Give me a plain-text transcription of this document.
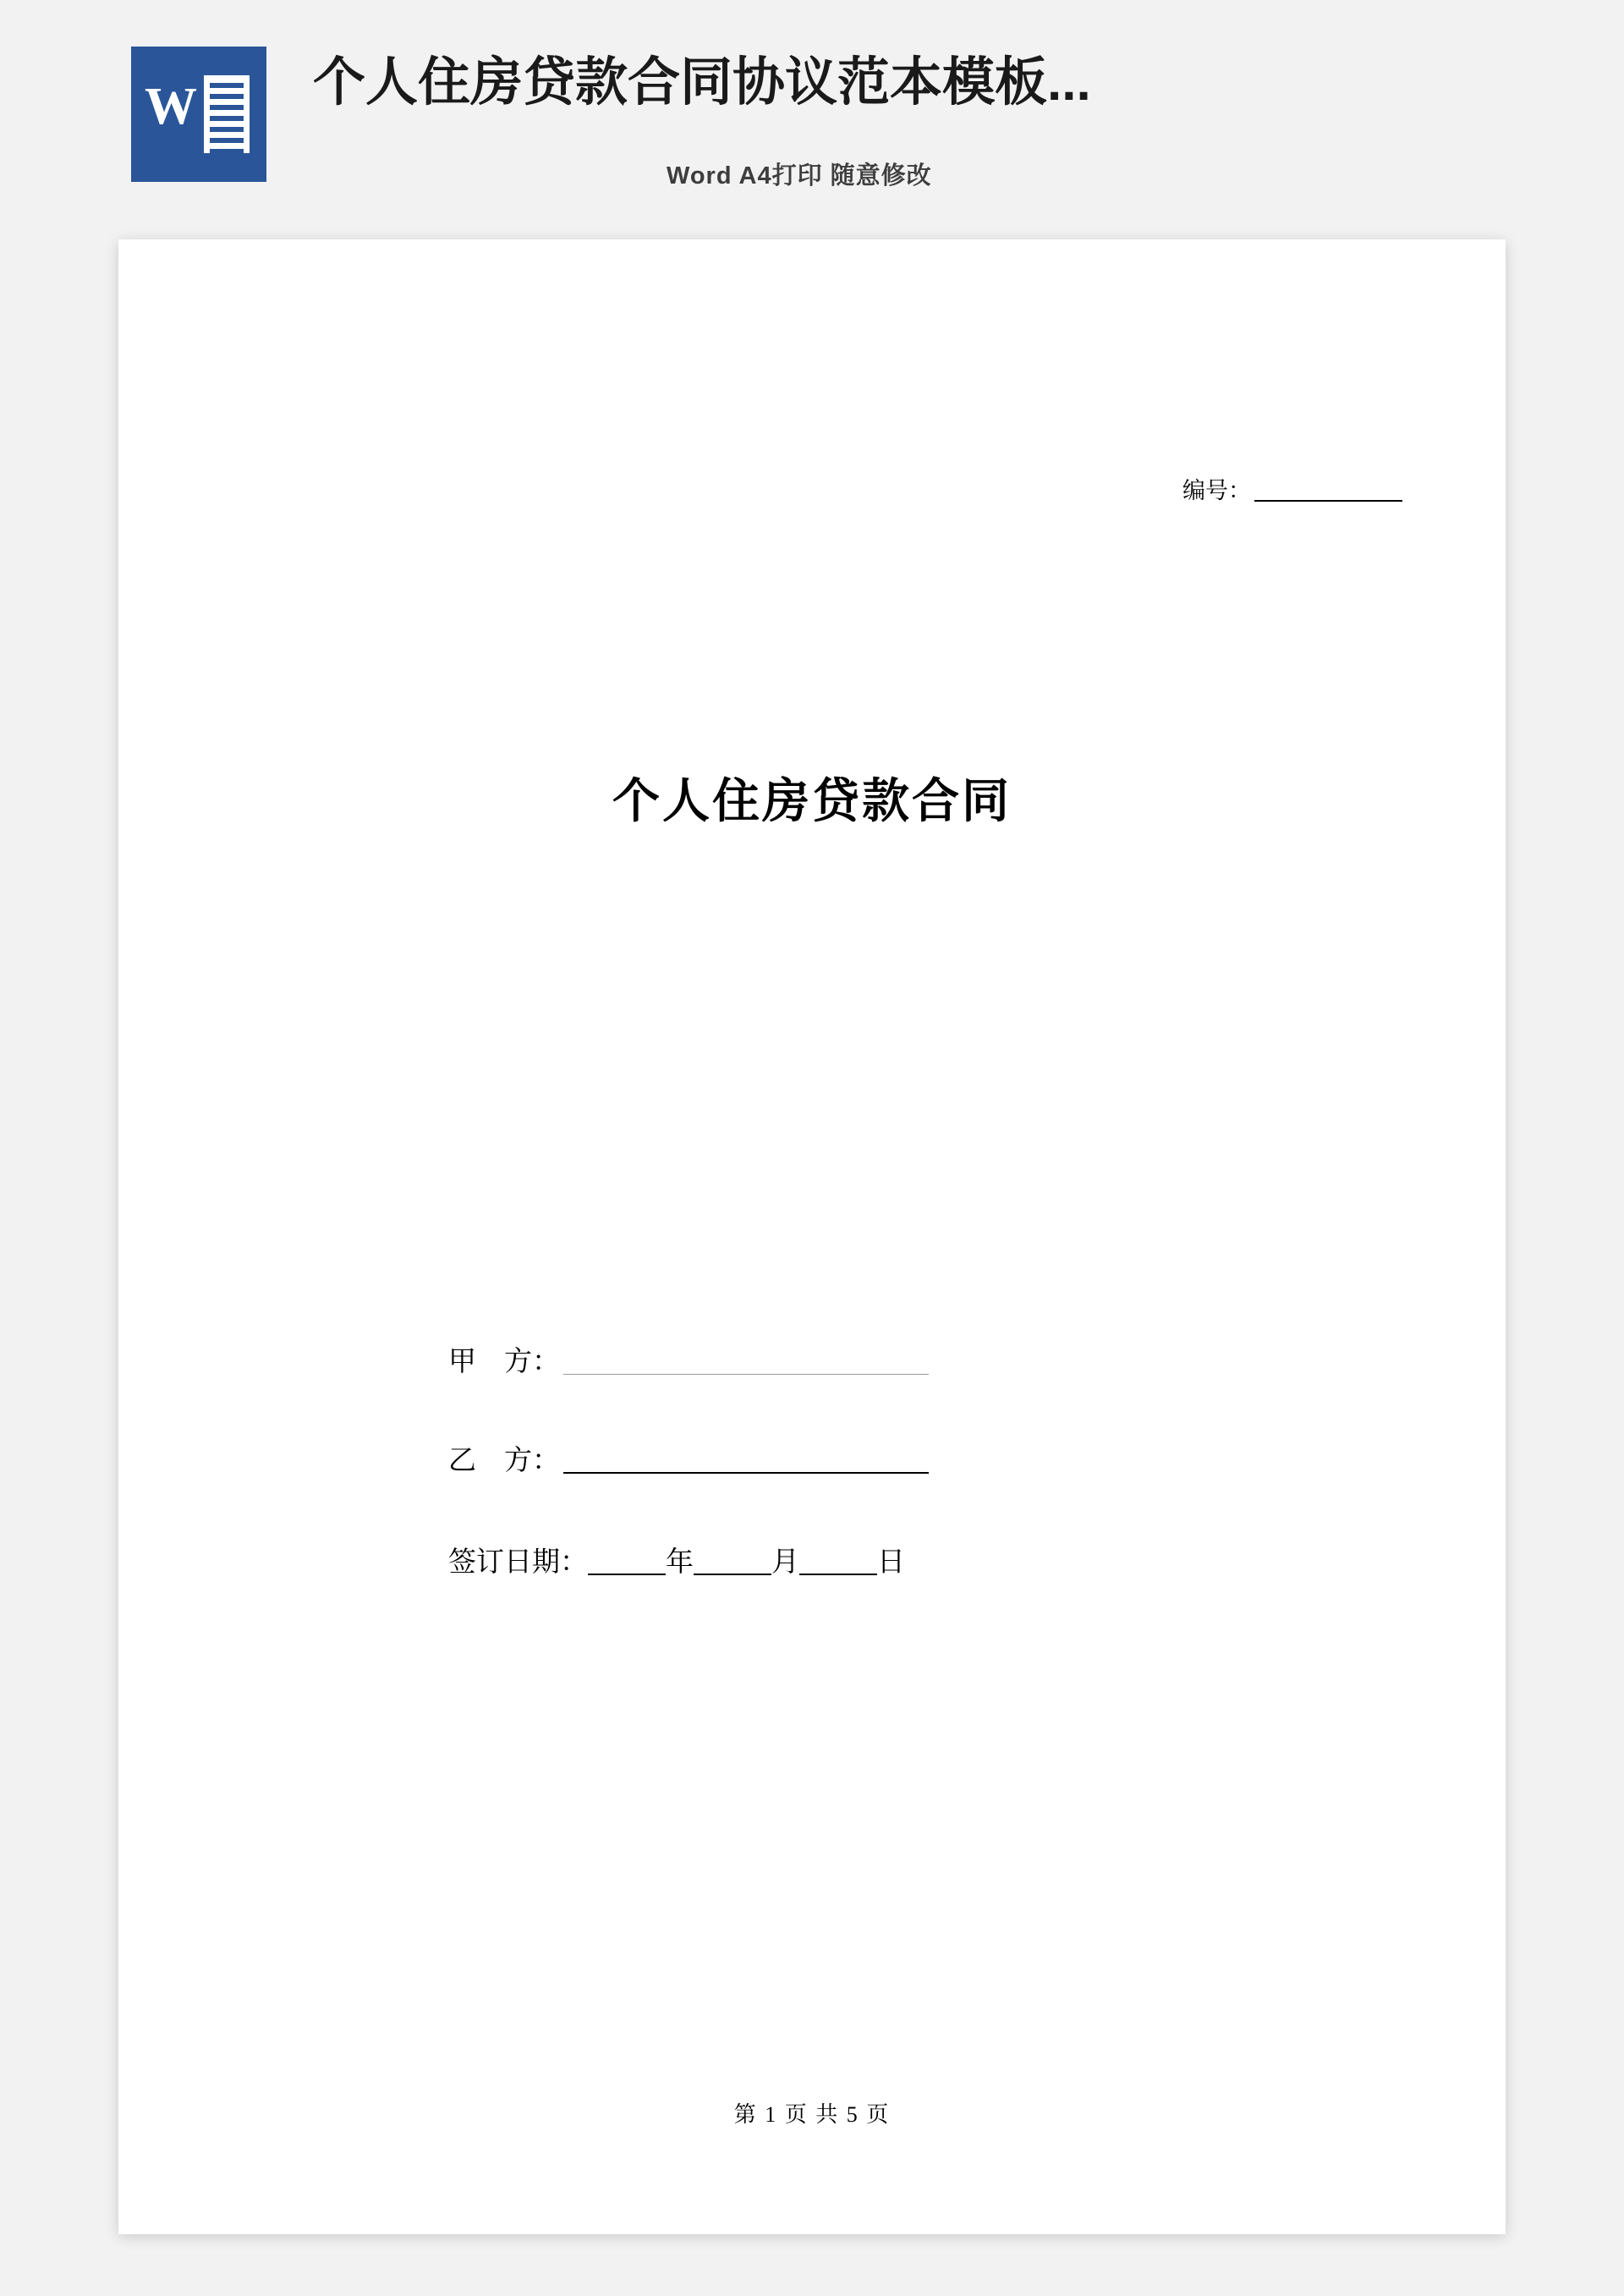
W 个人住房贷款合同协议范本模板...
Word A4打印 随意修改
编号：
个人住房贷款合同
甲　方：
乙　方：
签订日期：	年	月	日
第 1 页 共 5 页
